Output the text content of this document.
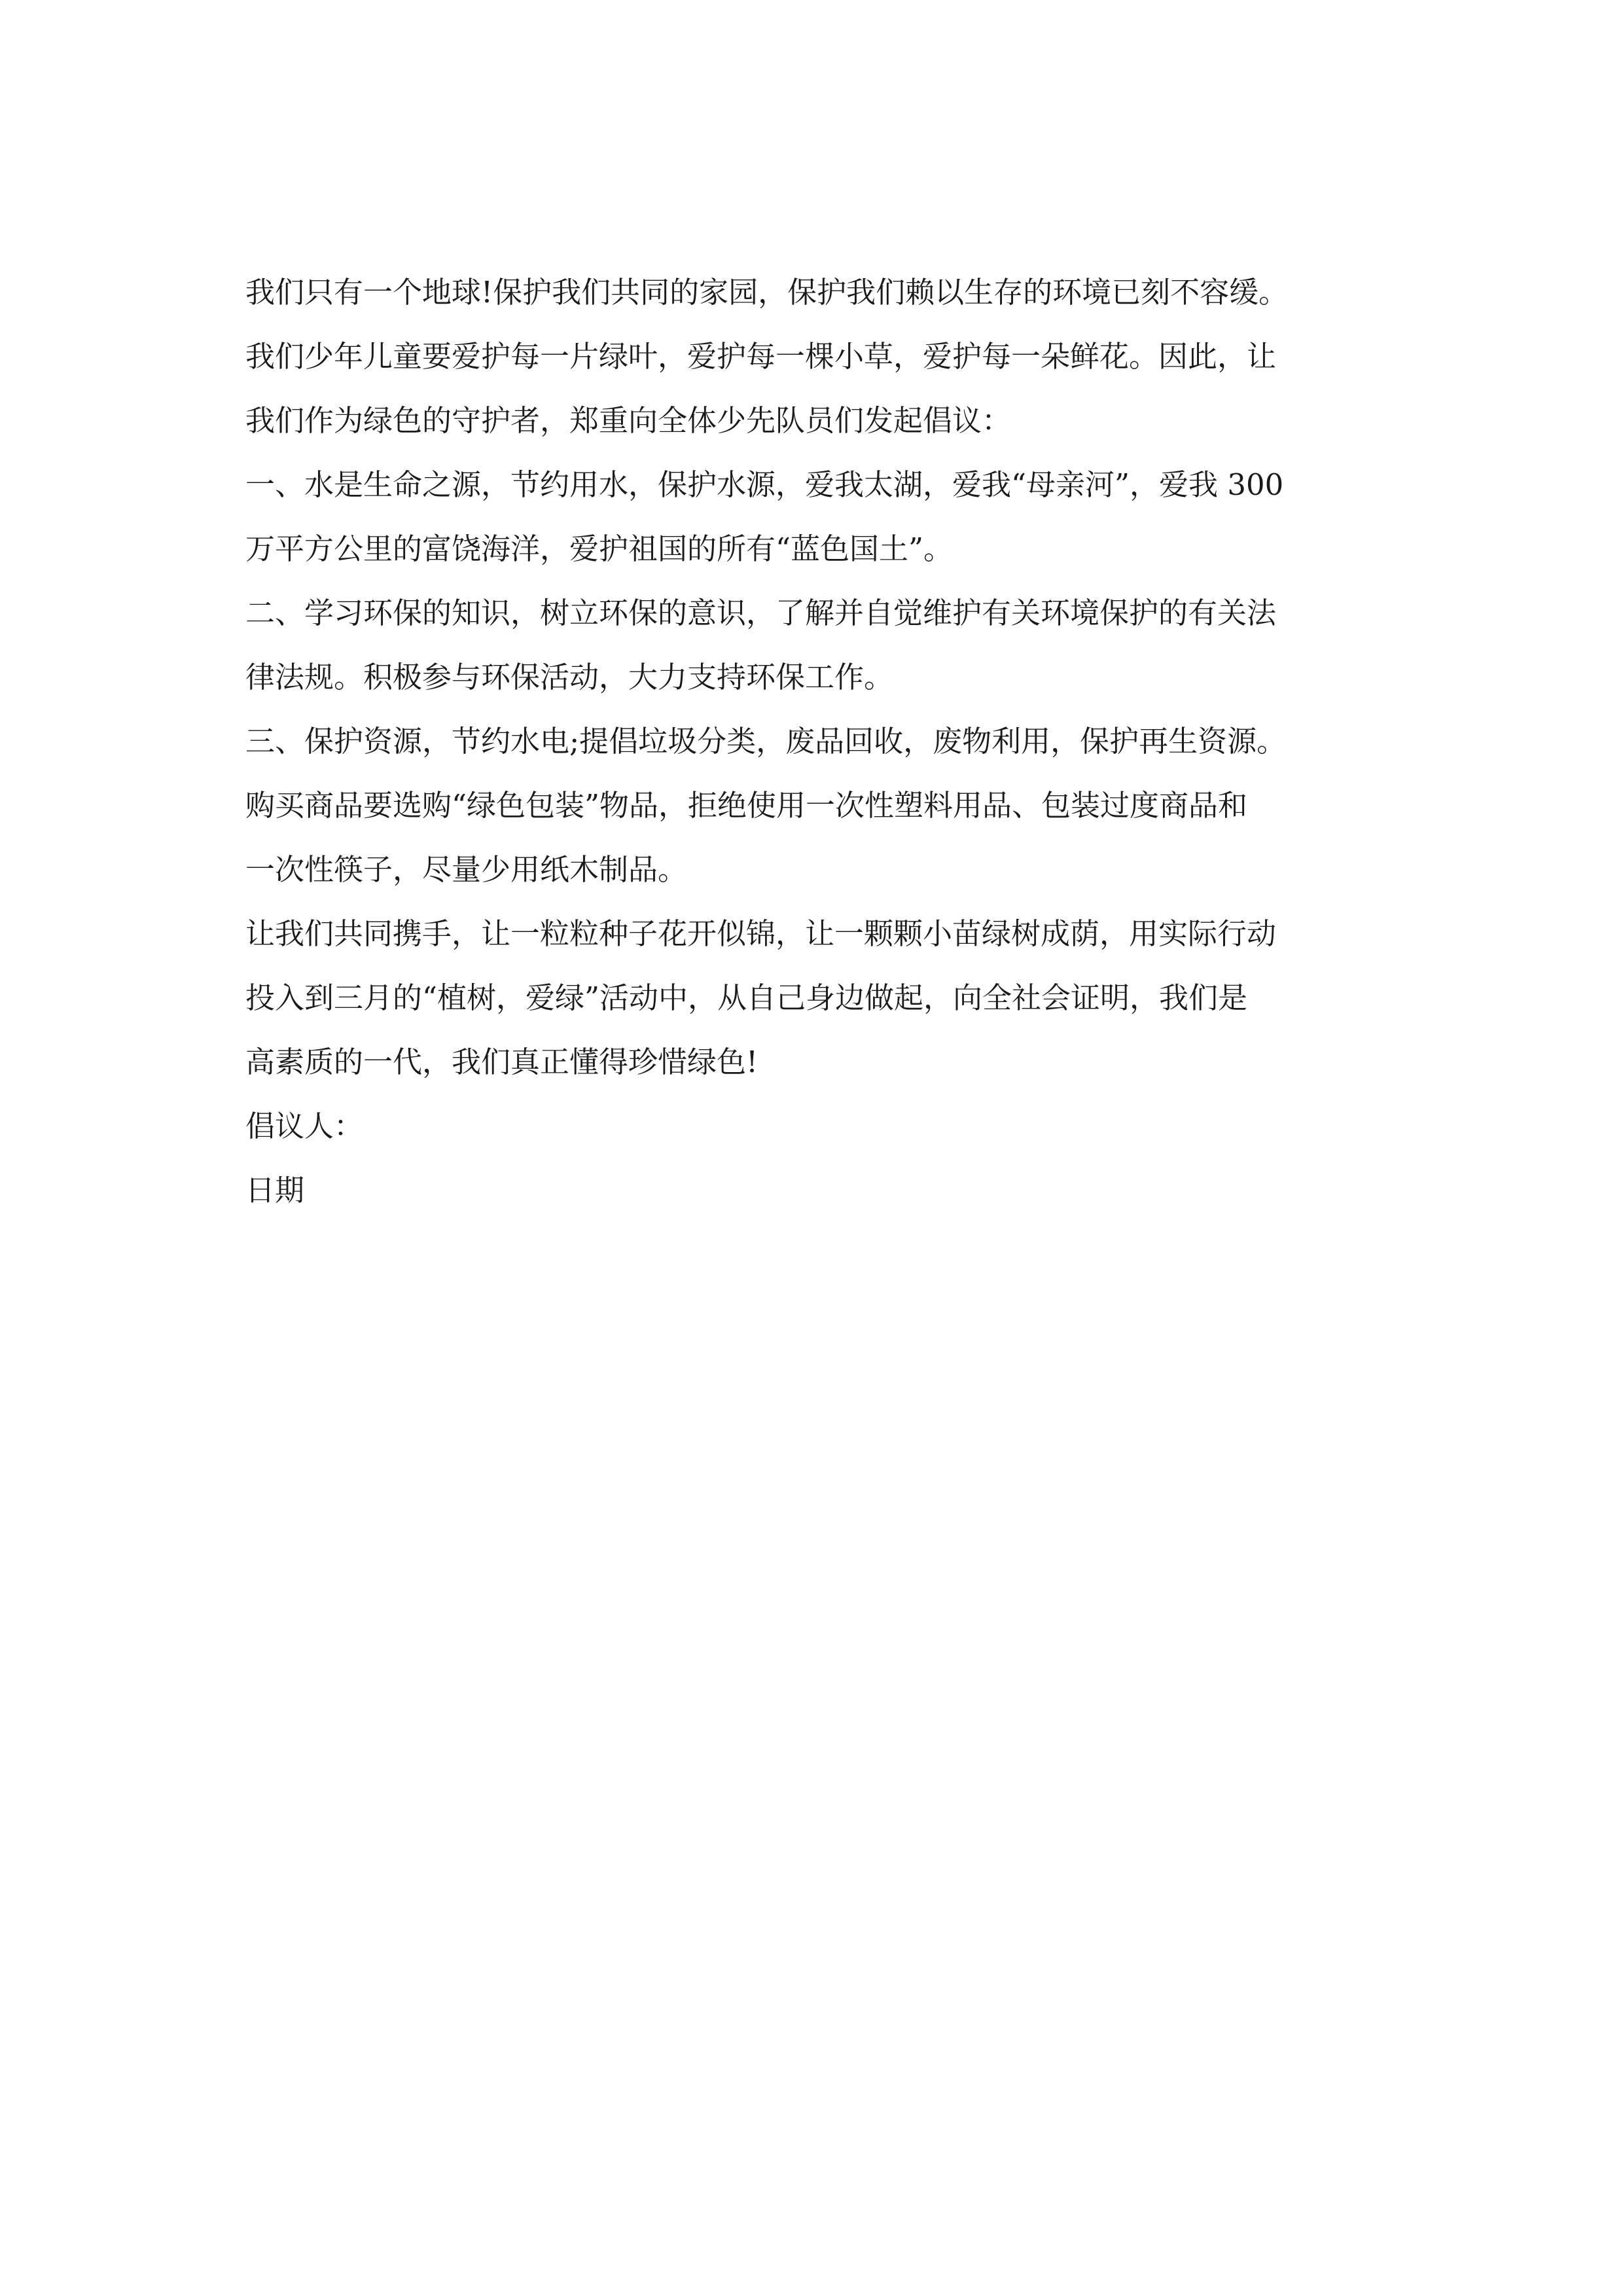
我们只有一个地球!保护我们共同的家园，保护我们赖以生存的环境已刻不容缓。
我们少年儿童要爱护每一片绿叶，爱护每一棵小草，爱护每一朵鲜花。因此，让
我们作为绿色的守护者，郑重向全体少先队员们发起倡议：
一、水是生命之源，节约用水，保护水源，爱我太湖，爱我“母亲河”，爱我 300
万平方公里的富饶海洋，爱护祖国的所有“蓝色国土”。
二、学习环保的知识，树立环保的意识，了解并自觉维护有关环境保护的有关法
律法规。积极参与环保活动，大力支持环保工作。
三、保护资源，节约水电;提倡垃圾分类，废品回收，废物利用，保护再生资源。
购买商品要选购“绿色包装”物品，拒绝使用一次性塑料用品、包装过度商品和
一次性筷子，尽量少用纸木制品。
让我们共同携手，让一粒粒种子花开似锦，让一颗颗小苗绿树成荫，用实际行动
投入到三月的“植树，爱绿”活动中，从自己身边做起，向全社会证明，我们是
高素质的一代，我们真正懂得珍惜绿色!
倡议人：
日期
